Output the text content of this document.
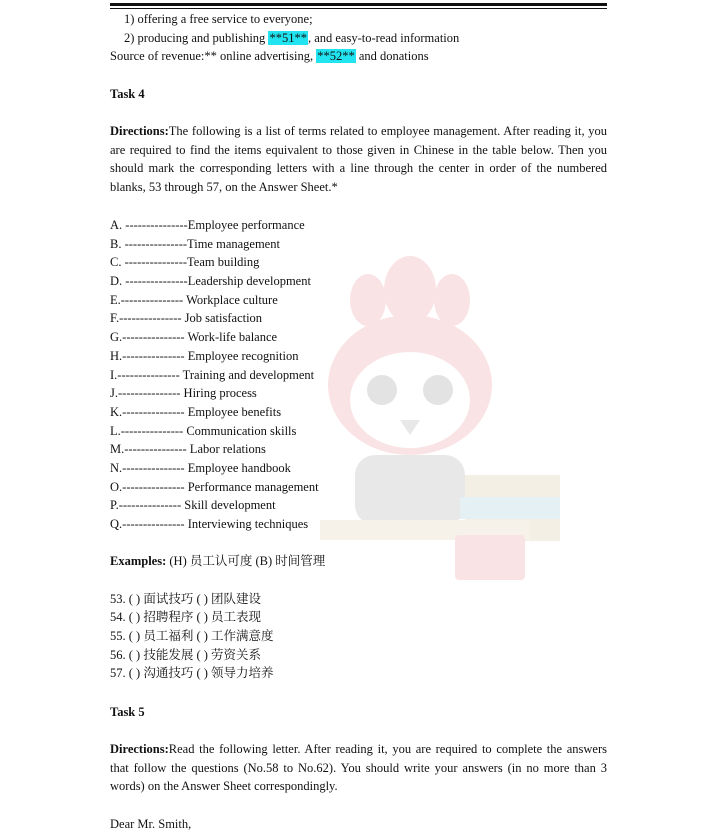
1) offering a free service to everyone;
2) producing and publishing **51**, and easy-to-read information
Source of revenue:** online advertising, **52** and donations
Task 4
Directions:The following is a list of terms related to employee management. After reading it, you are required to find the items equivalent to those given in Chinese in the table below. Then you should mark the corresponding letters with a line through the center in order of the numbered blanks, 53 through 57, on the Answer Sheet.*
A. ---------------Employee performance
B. ---------------Time management
C. ---------------Team building
D. ---------------Leadership development
E.--------------- Workplace culture
F.--------------- Job satisfaction
G.--------------- Work-life balance
H.--------------- Employee recognition
I.--------------- Training and development
J.--------------- Hiring process
K.--------------- Employee benefits
L.--------------- Communication skills
M.--------------- Labor relations
N.--------------- Employee handbook
O.--------------- Performance management
P.--------------- Skill development
Q.--------------- Interviewing techniques
Examples: (H) 员工认可度 (B) 时间管理
53. ( ) 面试技巧 ( ) 团队建设
54. ( ) 招聘程序 ( ) 员工表现
55. ( ) 员工福利 ( ) 工作满意度
56. ( ) 技能发展 ( ) 劳资关系
57. ( ) 沟通技巧 ( ) 领导力培养
Task 5
Directions:Read the following letter. After reading it, you are required to complete the answers that follow the questions (No.58 to No.62). You should write your answers (in no more than 3 words) on the Answer Sheet correspondingly.
Dear Mr. Smith,
